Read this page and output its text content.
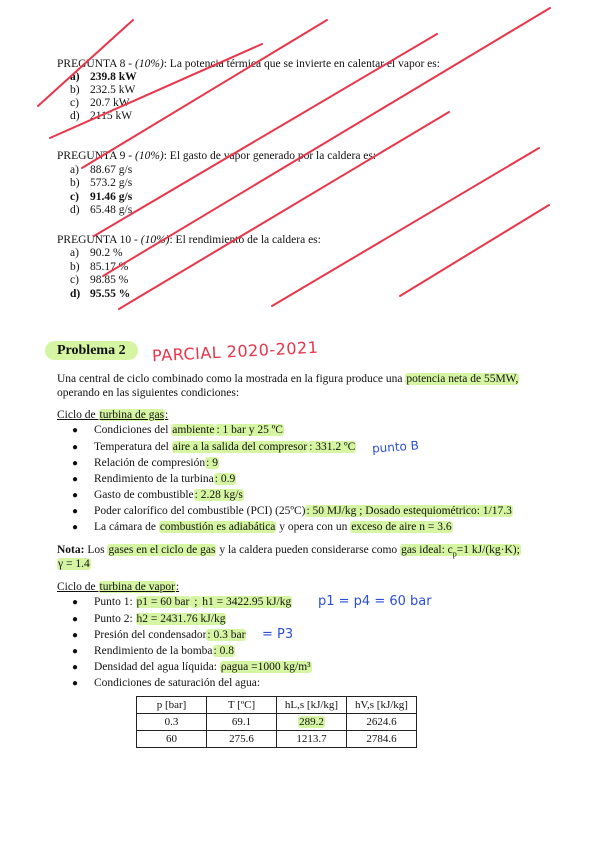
PREGUNTA 8 - (10%): La potencia térmica que se invierte en calentar el vapor es:
a) 239.8 kW
b) 232.5 kW
c) 20.7 kW
d) 2115 kW
PREGUNTA 9 - (10%): El gasto de vapor generado por la caldera es:
a) 88.67 g/s
b) 573.2 g/s
c) 91.46 g/s
d) 65.48 g/s
PREGUNTA 10 - (10%): El rendimiento de la caldera es:
a) 90.2 %
b) 85.17 %
c) 98.85 %
d) 95.55 %
Problema 2	PARCIAL 2020-2021
Una central de ciclo combinado como la mostrada en la figura produce una potencia neta de 55MW,
operando en las siguientes condiciones:
Ciclo de turbina de gas:
● Condiciones del ambiente : 1 bar y 25 ºC
● Temperatura del aire a la salida del compresor : 331.2 ºC punto B
● Relación de compresión: 9
● Rendimiento de la turbina: 0.9
● Gasto de combustible: 2.28 kg/s
● Poder calorífico del combustible (PCI) (25ºC): 50 MJ/kg ; Dosado estequiométrico: 1/17.3
● La cámara de combustión es adiabática y opera con un exceso de aire n = 3.6
Nota: Los gases en el ciclo de gas y la caldera pueden considerarse como gas ideal: $c_p=1$ kJ/(kg·K);
γ = 1.4
Ciclo de turbina de vapor:
● Punto 1: p1 = 60 bar ; h1 = 3422.95 kJ/kg p1 = p4 = 60 bar
● Punto 2: h2 = 2431.76 kJ/kg
● Presión del condensador: 0.3 bar = P3
● Rendimiento de la bomba: 0.8
● Densidad del agua líquida: ρagua =1000 kg/m³
● Condiciones de saturación del agua:
p [bar]	T [ºC]	hL,s [kJ/kg]	hV,s [kJ/kg]
0.3	69.1	289.2	2624.6
60	275.6	1213.7	2784.6
